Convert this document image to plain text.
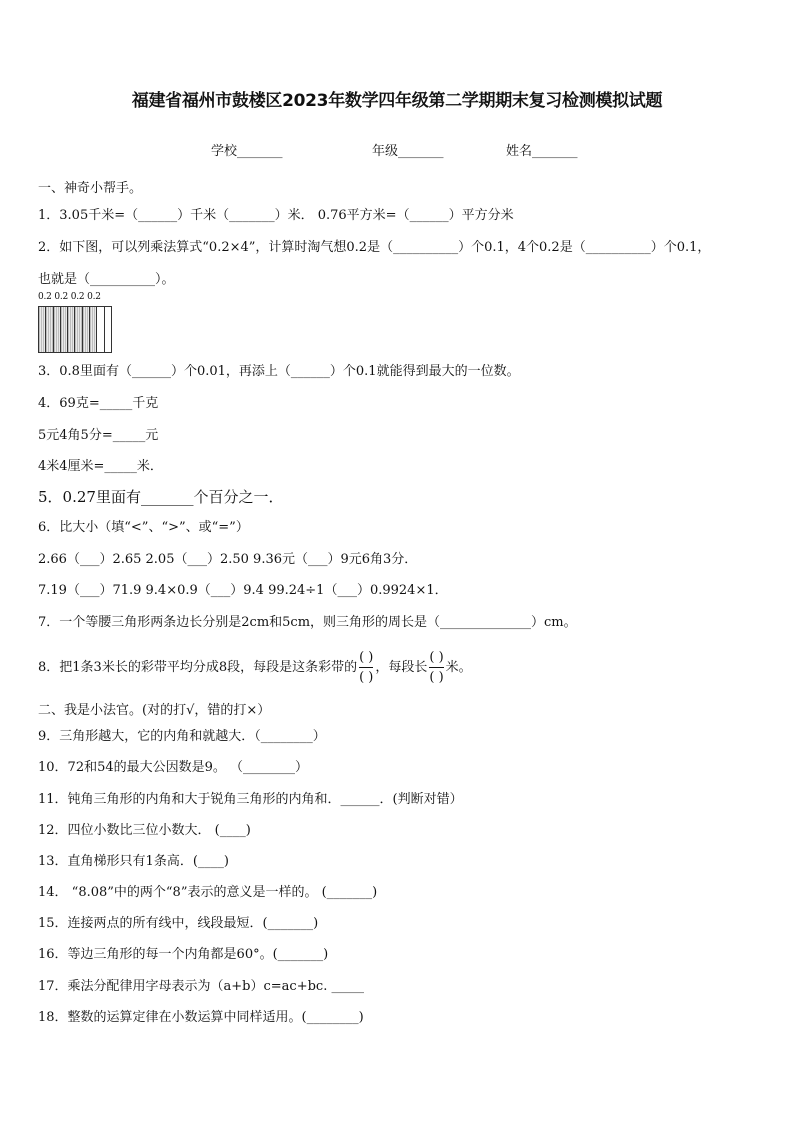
福建省福州市鼓楼区2023年数学四年级第二学期期末复习检测模拟试题
学校_______	年级_______	姓名_______
一、神奇小帮手。
1．3.05千米=（______）千米（_______）米． 0.76平方米=（______）平方分米
2．如下图，可以列乘法算式“0.2×4”，计算时淘气想0.2是（__________）个0.1，4个0.2是（__________）个0.1，
也就是（__________）。
0.2 0.2 0.2 0.2
3．0.8里面有（______）个0.01，再添上（______）个0.1就能得到最大的一位数。
4．69克=_____千克
5元4角5分=_____元
4米4厘米=_____米．
5．0.27里面有_______个百分之一．
6．比大小（填“<”、“>”、或“=”）
2.66（___）2.65 2.05（___）2.50 9.36元（___）9元6角3分．
7.19（___）71.9 9.4×0.9（___）9.4 99.24÷1（___）0.9924×1．
7．一个等腰三角形两条边长分别是2cm和5cm，则三角形的周长是（______________）cm。
8．把1条3米长的彩带平均分成8段，每段是这条彩带的 $\frac{( )}{( )}$ ，每段长 $\frac{( )}{( )}$ 米。
二、我是小法官。(对的打√，错的打×）
9．三角形越大，它的内角和就越大．（________）
10．72和54的最大公因数是9。 （________）
11．钝角三角形的内角和大于锐角三角形的内角和．______．(判断对错）
12．四位小数比三位小数大． (____)
13．直角梯形只有1条高．(____)
14． “8.08”中的两个“8”表示的意义是一样的。 (_______)
15．连接两点的所有线中，线段最短．(_______)
16．等边三角形的每一个内角都是60°。(_______)
17．乘法分配律用字母表示为（a+b）c=ac+bc. _____
18．整数的运算定律在小数运算中同样适用。(________)
